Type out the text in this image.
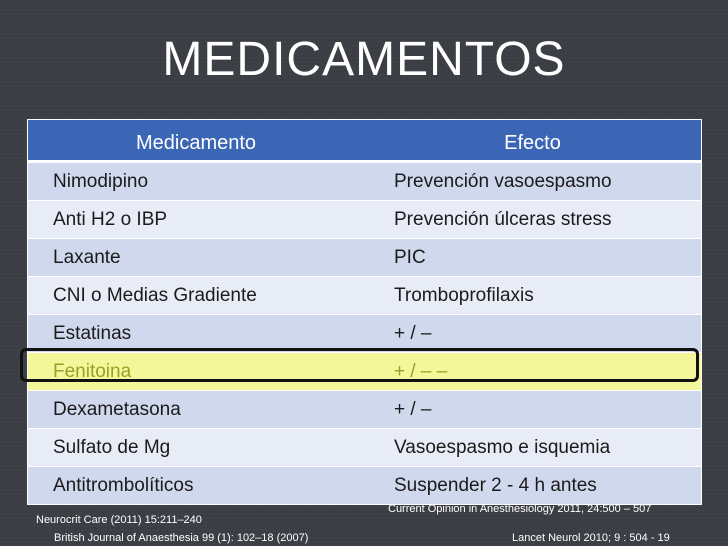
MEDICAMENTOS
Medicamento	Efecto
Nimodipino	Prevención vasoespasmo
Anti H2 o IBP	Prevención úlceras stress
Laxante	PIC
CNI o Medias Gradiente	Tromboprofilaxis
Estatinas	+ / –
Fenitoina	+ / – –
Dexametasona	+ / –
Sulfato de Mg	Vasoespasmo e isquemia
Antitrombolíticos	Suspender 2 - 4 h antes
Current Opinion in Anesthesiology 2011, 24:500 – 507
Neurocrit Care (2011) 15:211–240
British Journal of Anaesthesia 99 (1): 102–18 (2007)	Lancet Neurol 2010; 9 : 504 - 19
